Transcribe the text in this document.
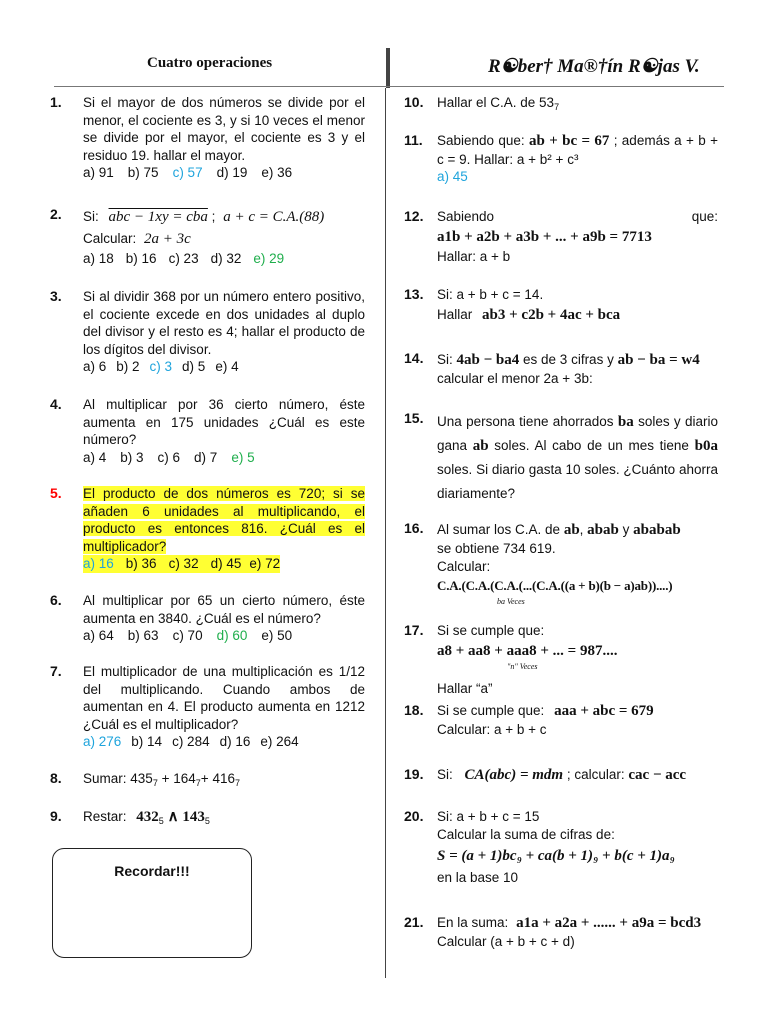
Cuatro operaciones	R☯ber† Ma®†ín R☯jas V.
1. Si el mayor de dos números se divide por el menor, el cociente es 3, y si 10 veces el menor se divide por el mayor, el cociente es 3 y el residuo 19. hallar el mayor.

a) 91 b) 75 c) 57 d) 19 e) 36
2. Si: abc − 1xy = cba ; a + c = C.A.(88)

Calcular: 2a + 3c

a) 18 b) 16 c) 23 d) 32 e) 29
3. Si al dividir 368 por un número entero positivo, el cociente excede en dos unidades al duplo del divisor y el resto es 4; hallar el producto de los dígitos del divisor.

a) 6 b) 2 c) 3 d) 5 e) 4
4. Al multiplicar por 36 cierto número, éste aumenta en 175 unidades ¿Cuál es este número?

a) 4 b) 3 c) 6 d) 7 e) 5
5. El producto de dos números es 720; si se añaden 6 unidades al multiplicando, el producto es entonces 816. ¿Cuál es el multiplicador?

a) 16 b) 36 c) 32 d) 45 e) 72
6. Al multiplicar por 65 un cierto número, éste aumenta en 3840. ¿Cuál es el número?

a) 64 b) 63 c) 70 d) 60 e) 50
7. El multiplicador de una multiplicación es 1/12 del multiplicando. Cuando ambos de aumentan en 4. El producto aumenta en 1212 ¿Cuál es el multiplicador?

a) 276 b) 14 c) 284 d) 16 e) 264
8. Sumar: $435_7 + 164_7+ 416_7$

9. Restar: $432_5$ ∧ $143_5$

Recordar!!!
10. Hallar el C.A. de $53_7$

11. Sabiendo que: ab + bc = 67 ; además a + b + c = 9. Hallar: a + b² + c³

a) 45

12. Sabiendo	que:

a1b + a2b + a3b + ... + a9b = 7713

Hallar: a + b

13. Si: a + b + c = 14.

Hallar ab3 + c2b + 4ac + bca

14. Si: 4ab − ba4 es de 3 cifras y ab − ba = w4

calcular el menor 2a + 3b:

15. Una persona tiene ahorrados ba soles y diario gana ab soles. Al cabo de un mes tiene b0a soles. Si diario gasta 10 soles. ¿Cuánto ahorra diariamente?

16. Al sumar los C.A. de ab, abab y ababab

se obtiene 734 619.

Calcular:

C.A.(C.A.(C.A.(...(C.A.((a + b)(b − a)ab))....)

ba Veces

17. Si se cumple que:

a8 + aa8 + aaa8 + ... = 987....

"n" Veces

Hallar “a”

18. Si se cumple que: aaa + abc = 679

Calcular: a + b + c

19. Si: CA(abc) = mdm ; calcular: cac − acc

20. Si: a + b + c = 15

Calcular la suma de cifras de:

S = (a + 1)bc₉ + ca(b + 1)₉ + b(c + 1)a₉

en la base 10

21. En la suma: a1a + a2a + ...... + a9a = bcd3

Calcular (a + b + c + d)
